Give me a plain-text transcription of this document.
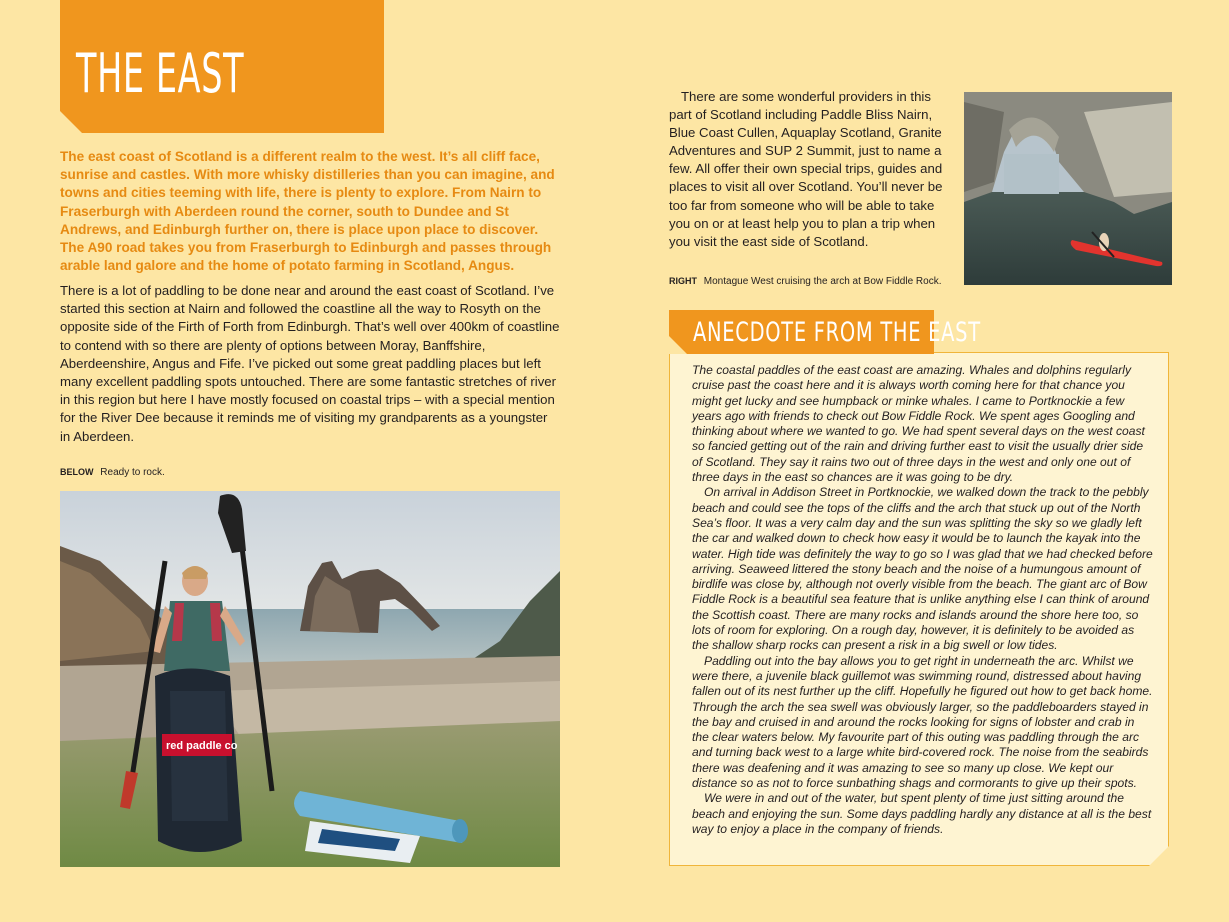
THE EAST

The east coast of Scotland is a different realm to the west. It’s all cliff face, sunrise and castles. With more whisky distilleries than you can imagine, and towns and cities teeming with life, there is plenty to explore. From Nairn to Fraserburgh with Aberdeen round the corner, south to Dundee and St Andrews, and Edinburgh further on, there is place upon place to discover. The A90 road takes you from Fraserburgh to Edinburgh and passes through arable land galore and the home of potato farming in Scotland, Angus.

There is a lot of paddling to be done near and around the east coast of Scotland. I’ve started this section at Nairn and followed the coastline all the way to Rosyth on the opposite side of the Firth of Forth from Edinburgh. That’s well over 400km of coastline to contend with so there are plenty of options between Moray, Banffshire, Aberdeenshire, Angus and Fife. I’ve picked out some great paddling places but left many excellent paddling spots untouched. There are some fantastic stretches of river in this region but here I have mostly focused on coastal trips – with a special mention for the River Dee because it reminds me of visiting my grandparents as a youngster in Aberdeen.

BELOW Ready to rock.
red paddle co

There are some wonderful providers in this part of Scotland including Paddle Bliss Nairn, Blue Coast Cullen, Aquaplay Scotland, Granite Adventures and SUP 2 Summit, just to name a few. All offer their own special trips, guides and places to visit all over Scotland. You’ll never be too far from someone who will be able to take you on or at least help you to plan a trip when you visit the east side of Scotland.

RIGHT Montague West cruising the arch at Bow Fiddle Rock.

The coastal paddles of the east coast are amazing. Whales and dolphins regularly cruise past the coast here and it is always worth coming here for that chance you might get lucky and see humpback or minke whales. I came to Portknockie a few years ago with friends to check out Bow Fiddle Rock. We spent ages Googling and thinking about where we wanted to go. We had spent several days on the west coast so fancied getting out of the rain and driving further east to visit the usually drier side of Scotland. They say it rains two out of three days in the west and only one out of three days in the east so chances are it was going to be dry.

On arrival in Addison Street in Portknockie, we walked down the track to the pebbly beach and could see the tops of the cliffs and the arch that stuck up out of the North Sea’s floor. It was a very calm day and the sun was splitting the sky so we gladly left the car and walked down to check how easy it would be to launch the kayak into the water. High tide was definitely the way to go so I was glad that we had checked before arriving. Seaweed littered the stony beach and the noise of a humungous amount of birdlife was close by, although not overly visible from the beach. The giant arc of Bow Fiddle Rock is a beautiful sea feature that is unlike anything else I can think of around the Scottish coast. There are many rocks and islands around the shore here too, so lots of room for exploring. On a rough day, however, it is definitely to be avoided as the shallow sharp rocks can present a risk in a big swell or low tides.

Paddling out into the bay allows you to get right in underneath the arc. Whilst we were there, a juvenile black guillemot was swimming round, distressed about having fallen out of its nest further up the cliff. Hopefully he figured out how to get back home. Through the arch the sea swell was obviously larger, so the paddleboarders stayed in the bay and cruised in and around the rocks looking for signs of lobster and crab in the clear waters below. My favourite part of this outing was paddling through the arc and turning back west to a large white bird-covered rock. The noise from the seabirds there was deafening and it was amazing to see so many up close. We kept our distance so as not to force sunbathing shags and cormorants to give up their spots.

We were in and out of the water, but spent plenty of time just sitting around the beach and enjoying the sun. Some days paddling hardly any distance at all is the best way to enjoy a place in the company of friends.

ANECDOTE FROM THE EAST
